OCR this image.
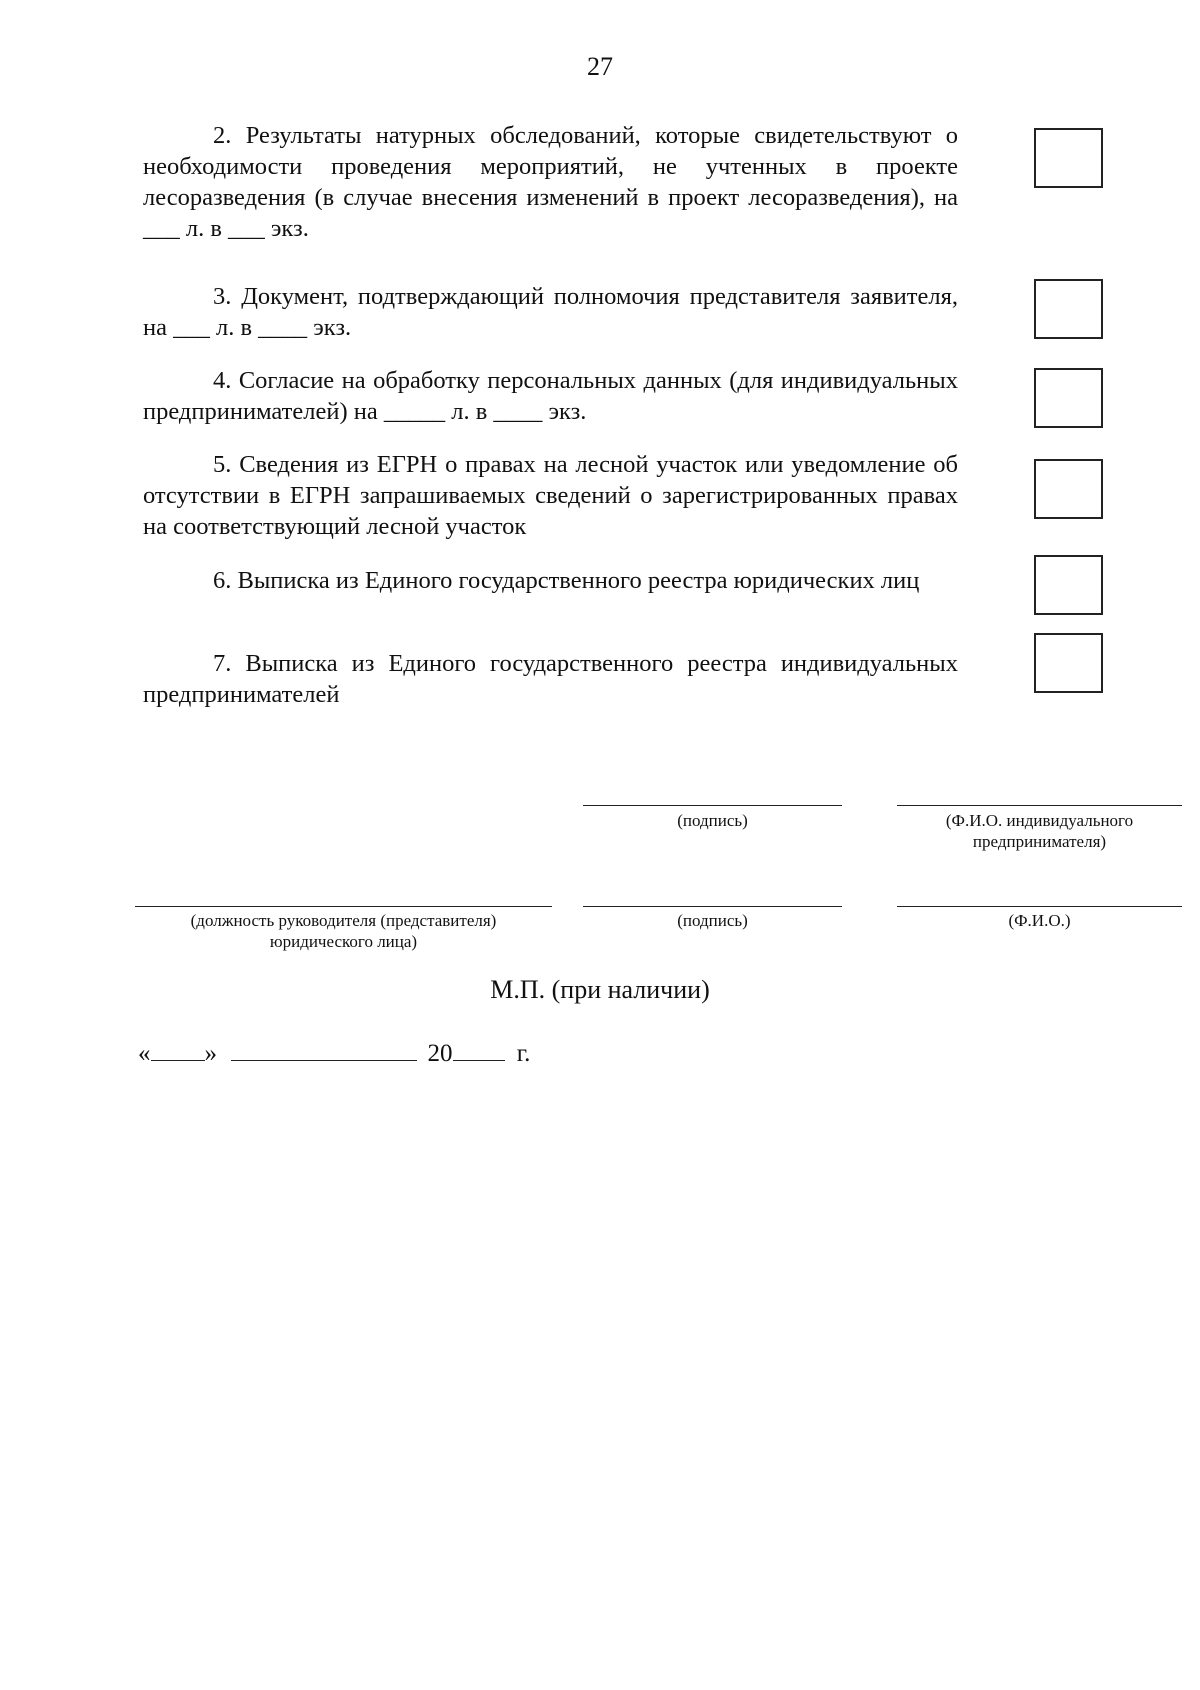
27
2. Результаты натурных обследований, которые свидетельствуют о необходимости проведения мероприятий, не учтенных в проекте лесоразведения (в случае внесения изменений в проект лесоразведения), на ___ л. в ___ экз.
3. Документ, подтверждающий полномочия представителя заявителя, на ___ л. в ____ экз.
4. Согласие на обработку персональных данных (для индивидуальных предпринимателей) на _____ л. в ____ экз.
5. Сведения из ЕГРН о правах на лесной участок или уведомление об отсутствии в ЕГРН запрашиваемых сведений о зарегистрированных правах на соответствующий лесной участок
6. Выписка из Единого государственного реестра юридических лиц
7. Выписка из Единого государственного реестра индивидуальных предпринимателей
(подпись)	(Ф.И.О. индивидуального
предпринимателя)
(должность руководителя (представителя)
юридического лица)
(подпись)	(Ф.И.О.)
М.П. (при наличии)
« »	20	г.
